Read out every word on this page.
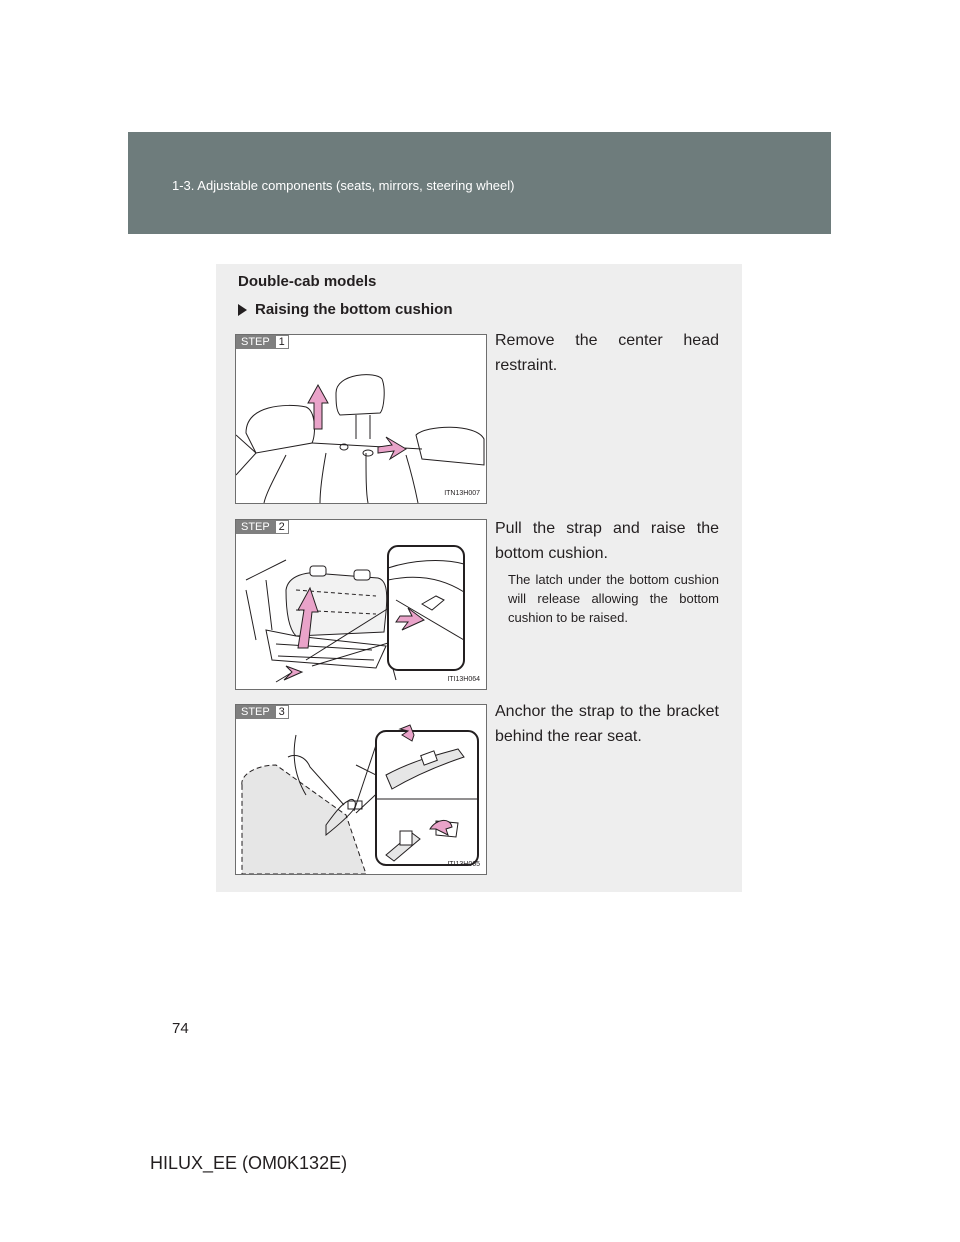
1-3. Adjustable components (seats, mirrors, steering wheel)
Double-cab models
Raising the bottom cushion
STEP 1
ITN13H007
Remove the center head restraint.
STEP 2
ITI13H064
Pull the strap and raise the bottom cushion.
The latch under the bottom cushion will release allowing the bottom cushion to be raised.
STEP 3
ITI13H065
Anchor the strap to the bracket behind the rear seat.
74
HILUX_EE (OM0K132E)
